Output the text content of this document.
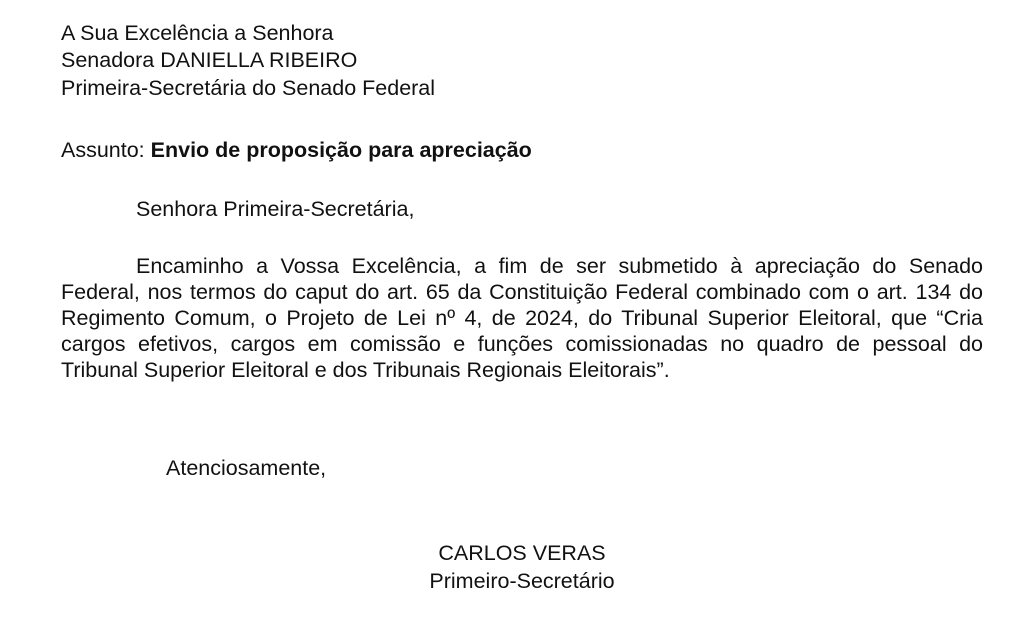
A Sua Excelência a Senhora
Senadora DANIELLA RIBEIRO
Primeira-Secretária do Senado Federal
Assunto: Envio de proposição para apreciação
Senhora Primeira-Secretária,
Encaminho a Vossa Excelência, a fim de ser submetido à apreciação do Senado Federal, nos termos do caput do art. 65 da Constituição Federal combinado com o art. 134 do Regimento Comum, o Projeto de Lei nº 4, de 2024, do Tribunal Superior Eleitoral, que “Cria cargos efetivos, cargos em comissão e funções comissionadas no quadro de pessoal do Tribunal Superior Eleitoral e dos Tribunais Regionais Eleitorais”.
Atenciosamente,
CARLOS VERAS
Primeiro-Secretário
